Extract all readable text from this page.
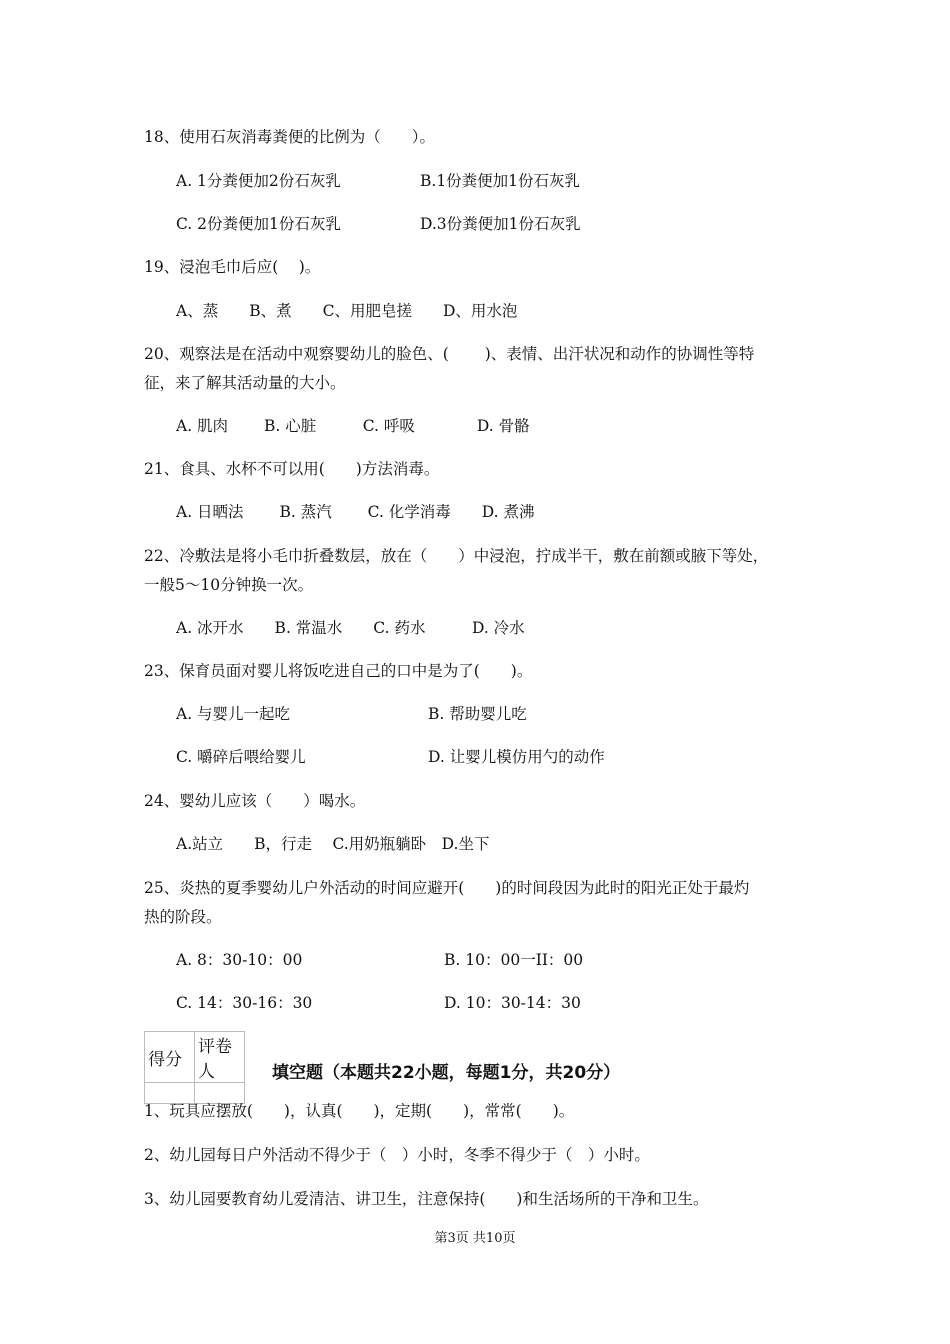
18、使用石灰消毒粪便的比例为（　　）。
A. 1分粪便加2份石灰乳	B.1份粪便加1份石灰乳
C. 2份粪便加1份石灰乳	D.3份粪便加1份石灰乳
19、浸泡毛巾后应(　 )。
A、蒸　　B、煮　　C、用肥皂搓　　D、用水泡
20、观察法是在活动中观察婴幼儿的脸色、(　　 )、表情、出汗状况和动作的协调性等特
征，来了解其活动量的大小。
A. 肌肉　　 B. 心脏　　　C. 呼吸　　　　D. 骨骼
21、食具、水杯不可以用(　　)方法消毒。
A. 日晒法　　 B. 蒸汽　　 C. 化学消毒　　D. 煮沸
22、冷敷法是将小毛巾折叠数层，放在（　　）中浸泡，拧成半干，敷在前额或腋下等处，
一般5～10分钟换一次。
A. 冰开水　　B. 常温水　　C. 药水　　　D. 冷水
23、保育员面对婴儿将饭吃进自己的口中是为了(　　)。
A. 与婴儿一起吃	B. 帮助婴儿吃
C. 嚼碎后喂给婴儿	D. 让婴儿模仿用勺的动作
24、婴幼儿应该（　　）喝水。
A.站立　　B，行走　 C.用奶瓶躺卧　D.坐下
25、炎热的夏季婴幼儿户外活动的时间应避开(　　)的时间段因为此时的阳光正处于最灼
热的阶段。
A. 8：30-10：00	B. 10：00一II：00
C. 14：30-16：30	D. 10：30-14：30
得分	评卷人
		填空题（本题共22小题，每题1分，共20分）
1、玩具应摆放(　　)，认真(　　)，定期(　　)，常常(　　)。
2、幼儿园每日户外活动不得少于（　）小时，冬季不得少于（　）小时。
3、幼儿园要教育幼儿爱清洁、讲卫生，注意保持(　　)和生活场所的干净和卫生。
第3页 共10页
